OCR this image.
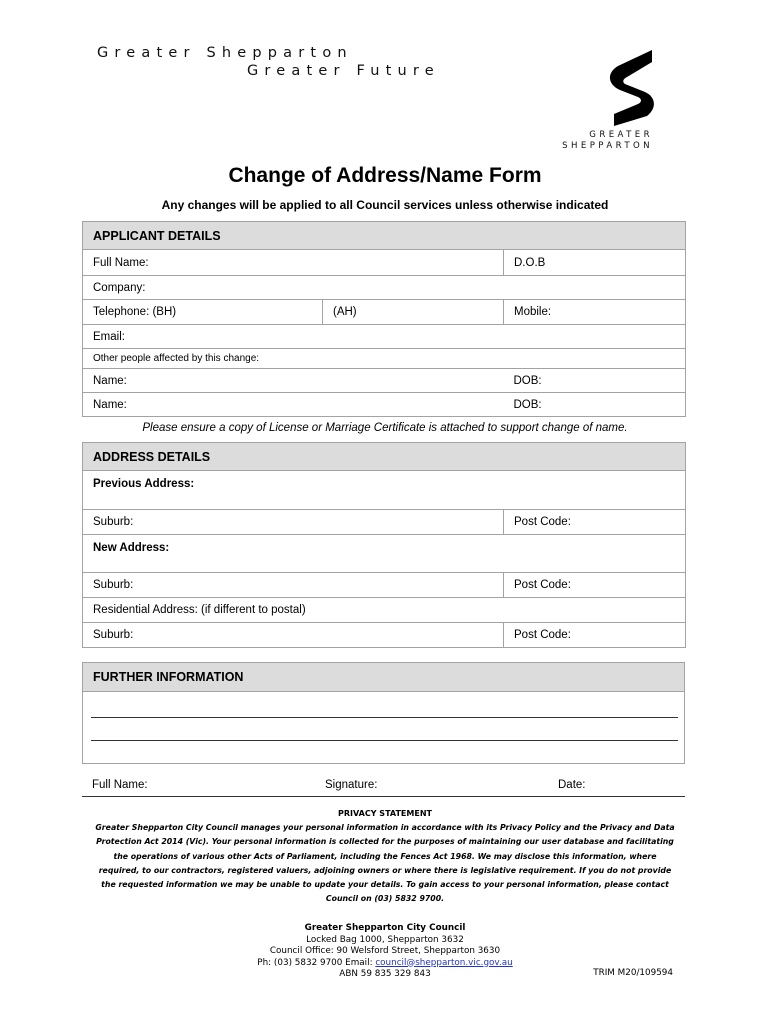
Greater Shepparton
Greater Future
GREATER
SHEPPARTON
Change of Address/Name Form
Any changes will be applied to all Council services unless otherwise indicated
APPLICANT DETAILS		
Full Name:		D.O.B
Company:		
Telephone: (BH)	(AH)	Mobile:
Email:		
Other people affected by this change:		
Name:		DOB:
Name:		DOB:
Please ensure a copy of License or Marriage Certificate is attached to support change of name.
ADDRESS DETAILS	
Previous Address:	
Suburb:	Post Code:
New Address:	
Suburb:	Post Code:
Residential Address: (if different to postal)	
Suburb:	Post Code:
FURTHER INFORMATION
Full Name:	Signature:	Date:
PRIVACY STATEMENT
Greater Shepparton City Council manages your personal information in accordance with its Privacy Policy and the Privacy and Data Protection Act 2014 (Vic). Your personal information is collected for the purposes of maintaining our user database and facilitating the operations of various other Acts of Parliament, including the Fences Act 1968. We may disclose this information, where required, to our contractors, registered valuers, adjoining owners or where there is legislative requirement. If you do not provide the requested information we may be unable to update your details. To gain access to your personal information, please contact Council on (03) 5832 9700.
Greater Shepparton City Council
Locked Bag 1000, Shepparton 3632
Council Office: 90 Welsford Street, Shepparton 3630
Ph: (03) 5832 9700 Email: council@shepparton.vic.gov.au
ABN 59 835 329 843	TRIM M20/109594
